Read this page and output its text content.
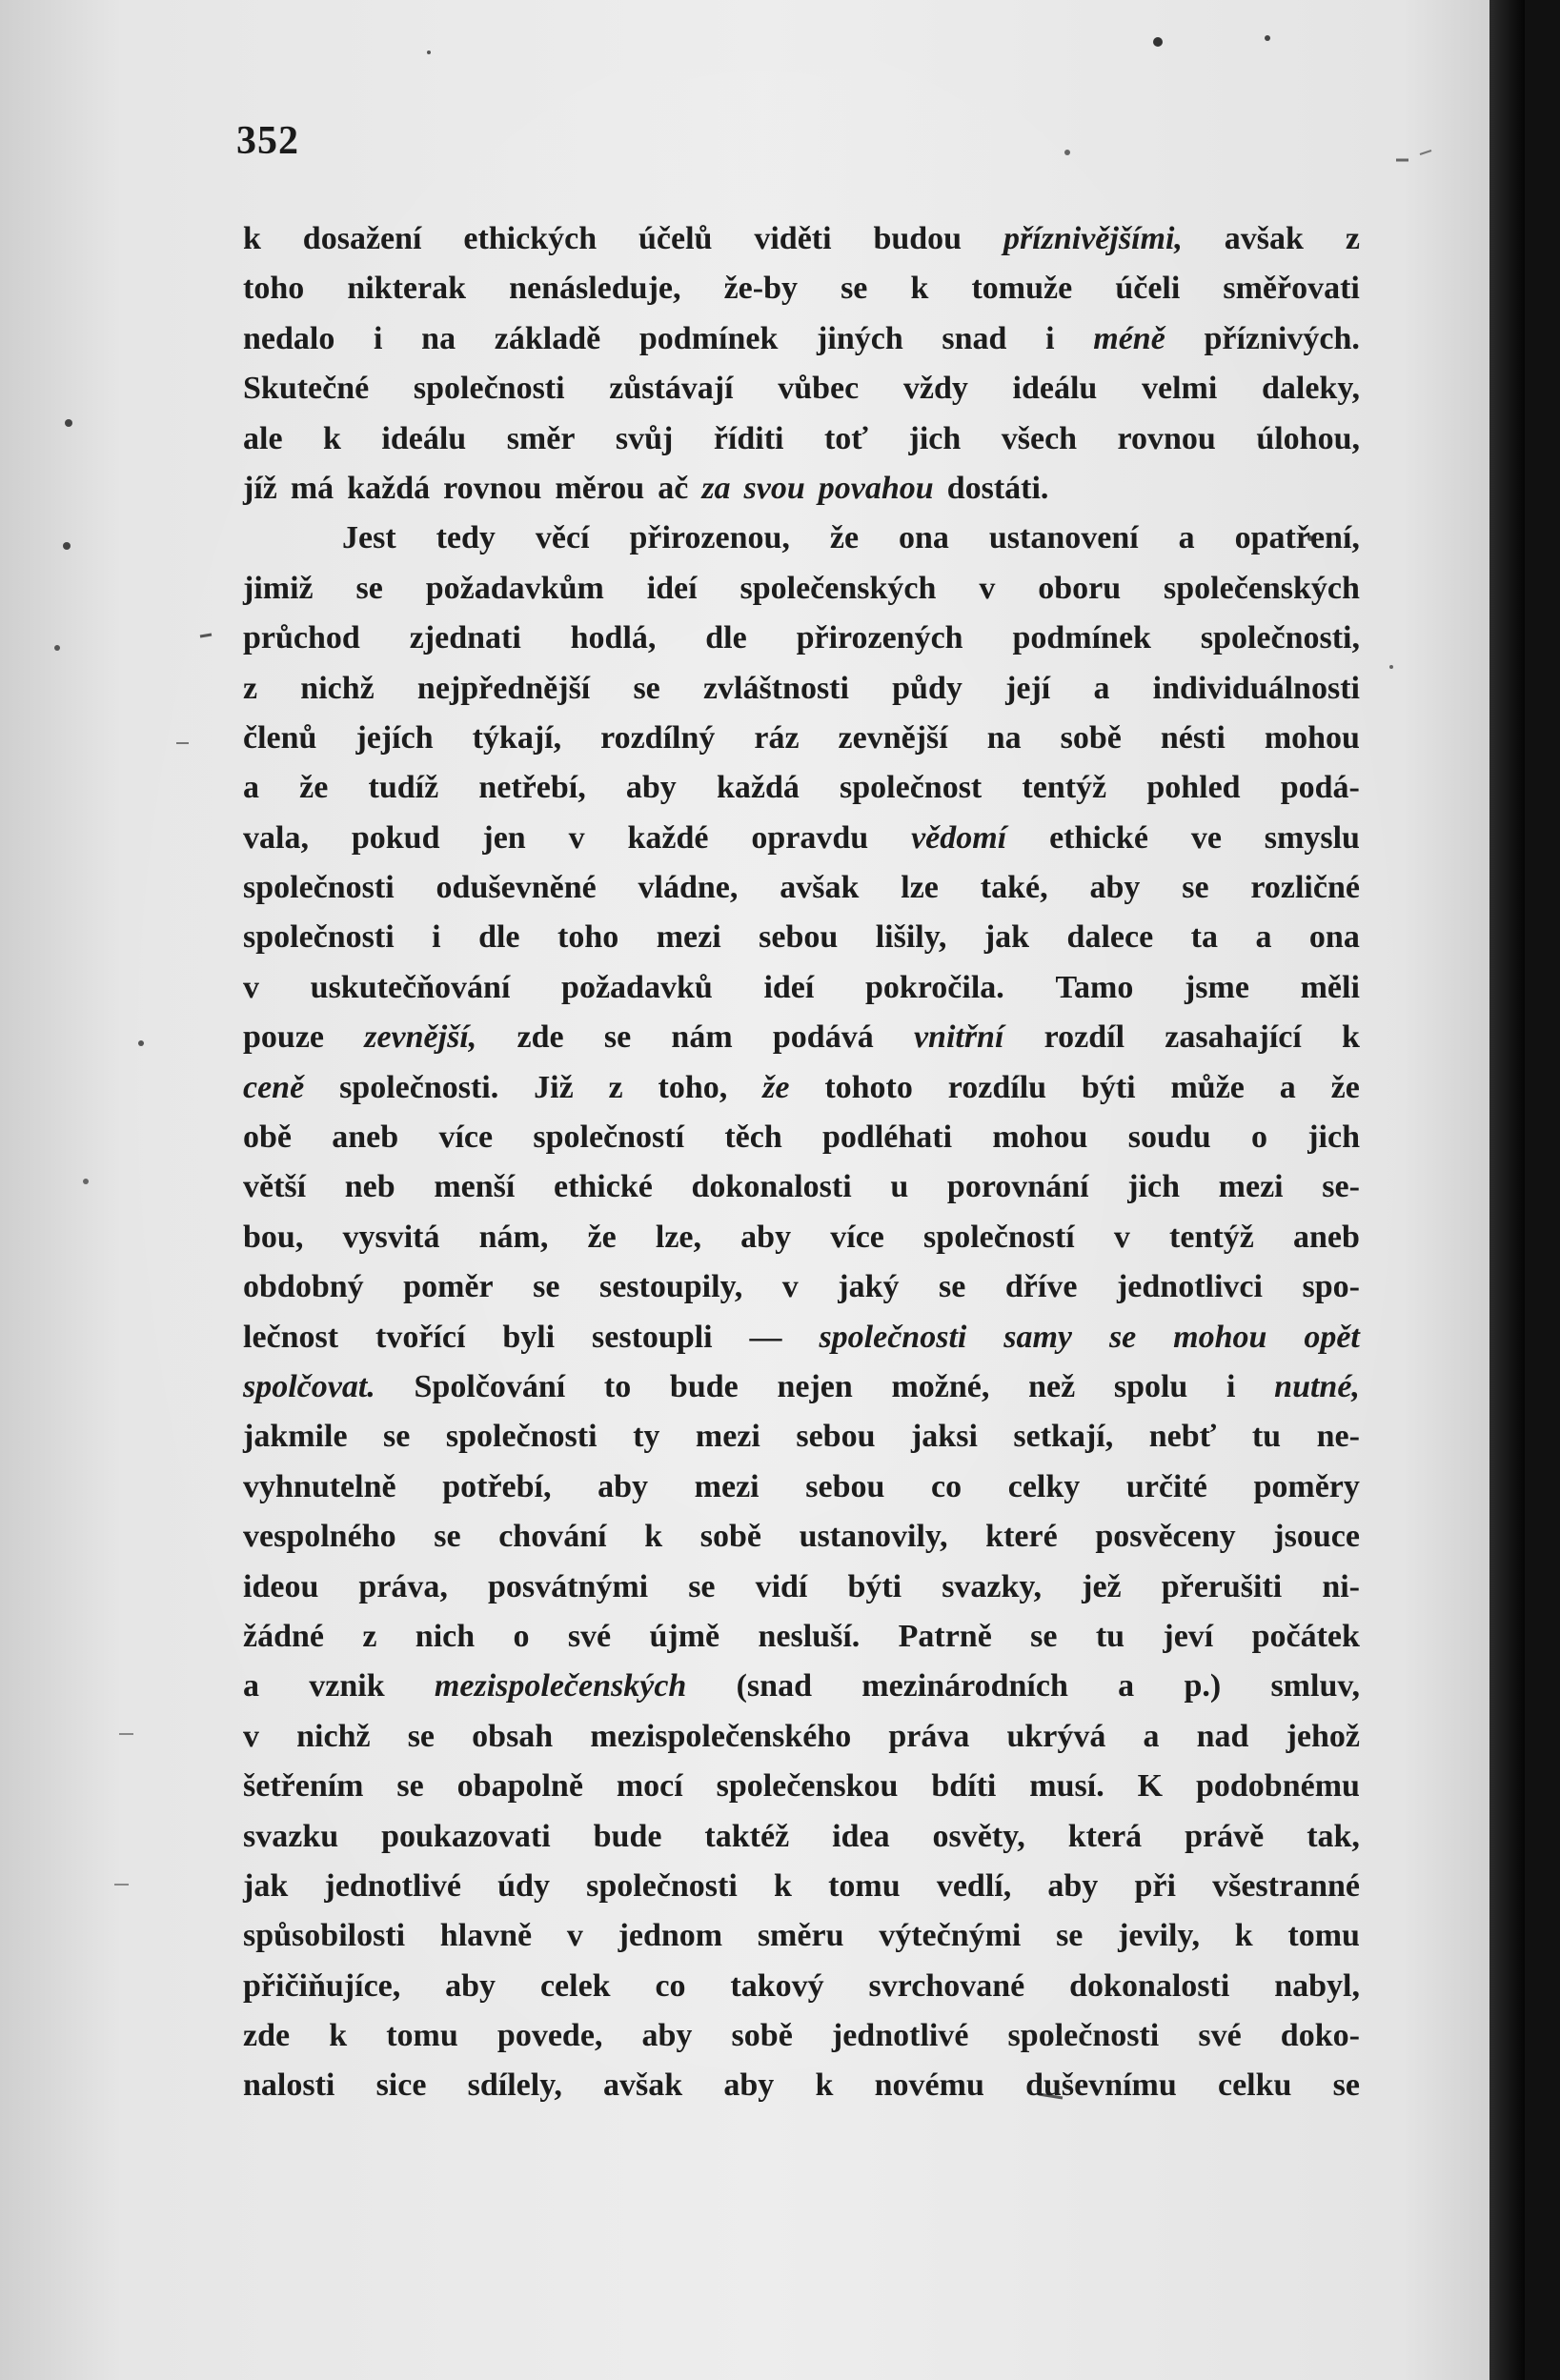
352
k dosažení ethických účelů viděti budou příznivějšími, avšak z
toho nikterak nenásleduje, že-by se k tomuže účeli směřovati
nedalo i na základě podmínek jiných snad i méně příznivých.
Skutečné společnosti zůstávají vůbec vždy ideálu velmi daleky,
ale k ideálu směr svůj říditi toť jich všech rovnou úlohou,
jíž má každá rovnou měrou ač za svou povahou dostáti.
Jest tedy věcí přirozenou, že ona ustanovení a opatření,
jimiž se požadavkům ideí společenských v oboru společenských
průchod zjednati hodlá, dle přirozených podmínek společnosti,
z nichž nejpřednější se zvláštnosti půdy její a individuálnosti
členů jejích týkají, rozdílný ráz zevnější na sobě nésti mohou
a že tudíž netřebí, aby každá společnost tentýž pohled podá-
vala, pokud jen v každé opravdu vědomí ethické ve smyslu
společnosti oduševněné vládne, avšak lze také, aby se rozličné
společnosti i dle toho mezi sebou lišily, jak dalece ta a ona
v uskutečňování požadavků ideí pokročila. Tamo jsme měli
pouze zevnější, zde se nám podává vnitřní rozdíl zasahající k
ceně společnosti. Již z toho, že tohoto rozdílu býti může a že
obě aneb více společností těch podléhati mohou soudu o jich
větší neb menší ethické dokonalosti u porovnání jich mezi se-
bou, vysvitá nám, že lze, aby více společností v tentýž aneb
obdobný poměr se sestoupily, v jaký se dříve jednotlivci spo-
lečnost tvořící byli sestoupli — společnosti samy se mohou opět
spolčovat. Spolčování to bude nejen možné, než spolu i nutné,
jakmile se společnosti ty mezi sebou jaksi setkají, nebť tu ne-
vyhnutelně potřebí, aby mezi sebou co celky určité poměry
vespolného se chování k sobě ustanovily, které posvěceny jsouce
ideou práva, posvátnými se vidí býti svazky, jež přerušiti ni-
žádné z nich o své újmě nesluší. Patrně se tu jeví počátek
a vznik mezispolečenských (snad mezinárodních a p.) smluv,
v nichž se obsah mezispolečenského práva ukrývá a nad jehož
šetřením se obapolně mocí společenskou bdíti musí. K podobnému
svazku poukazovati bude taktéž idea osvěty, která právě tak,
jak jednotlivé údy společnosti k tomu vedlí, aby při všestranné
spůsobilosti hlavně v jednom směru výtečnými se jevily, k tomu
přičiňujíce, aby celek co takový svrchované dokonalosti nabyl,
zde k tomu povede, aby sobě jednotlivé společnosti své doko-
nalosti sice sdílely, avšak aby k novému duševnímu celku se
